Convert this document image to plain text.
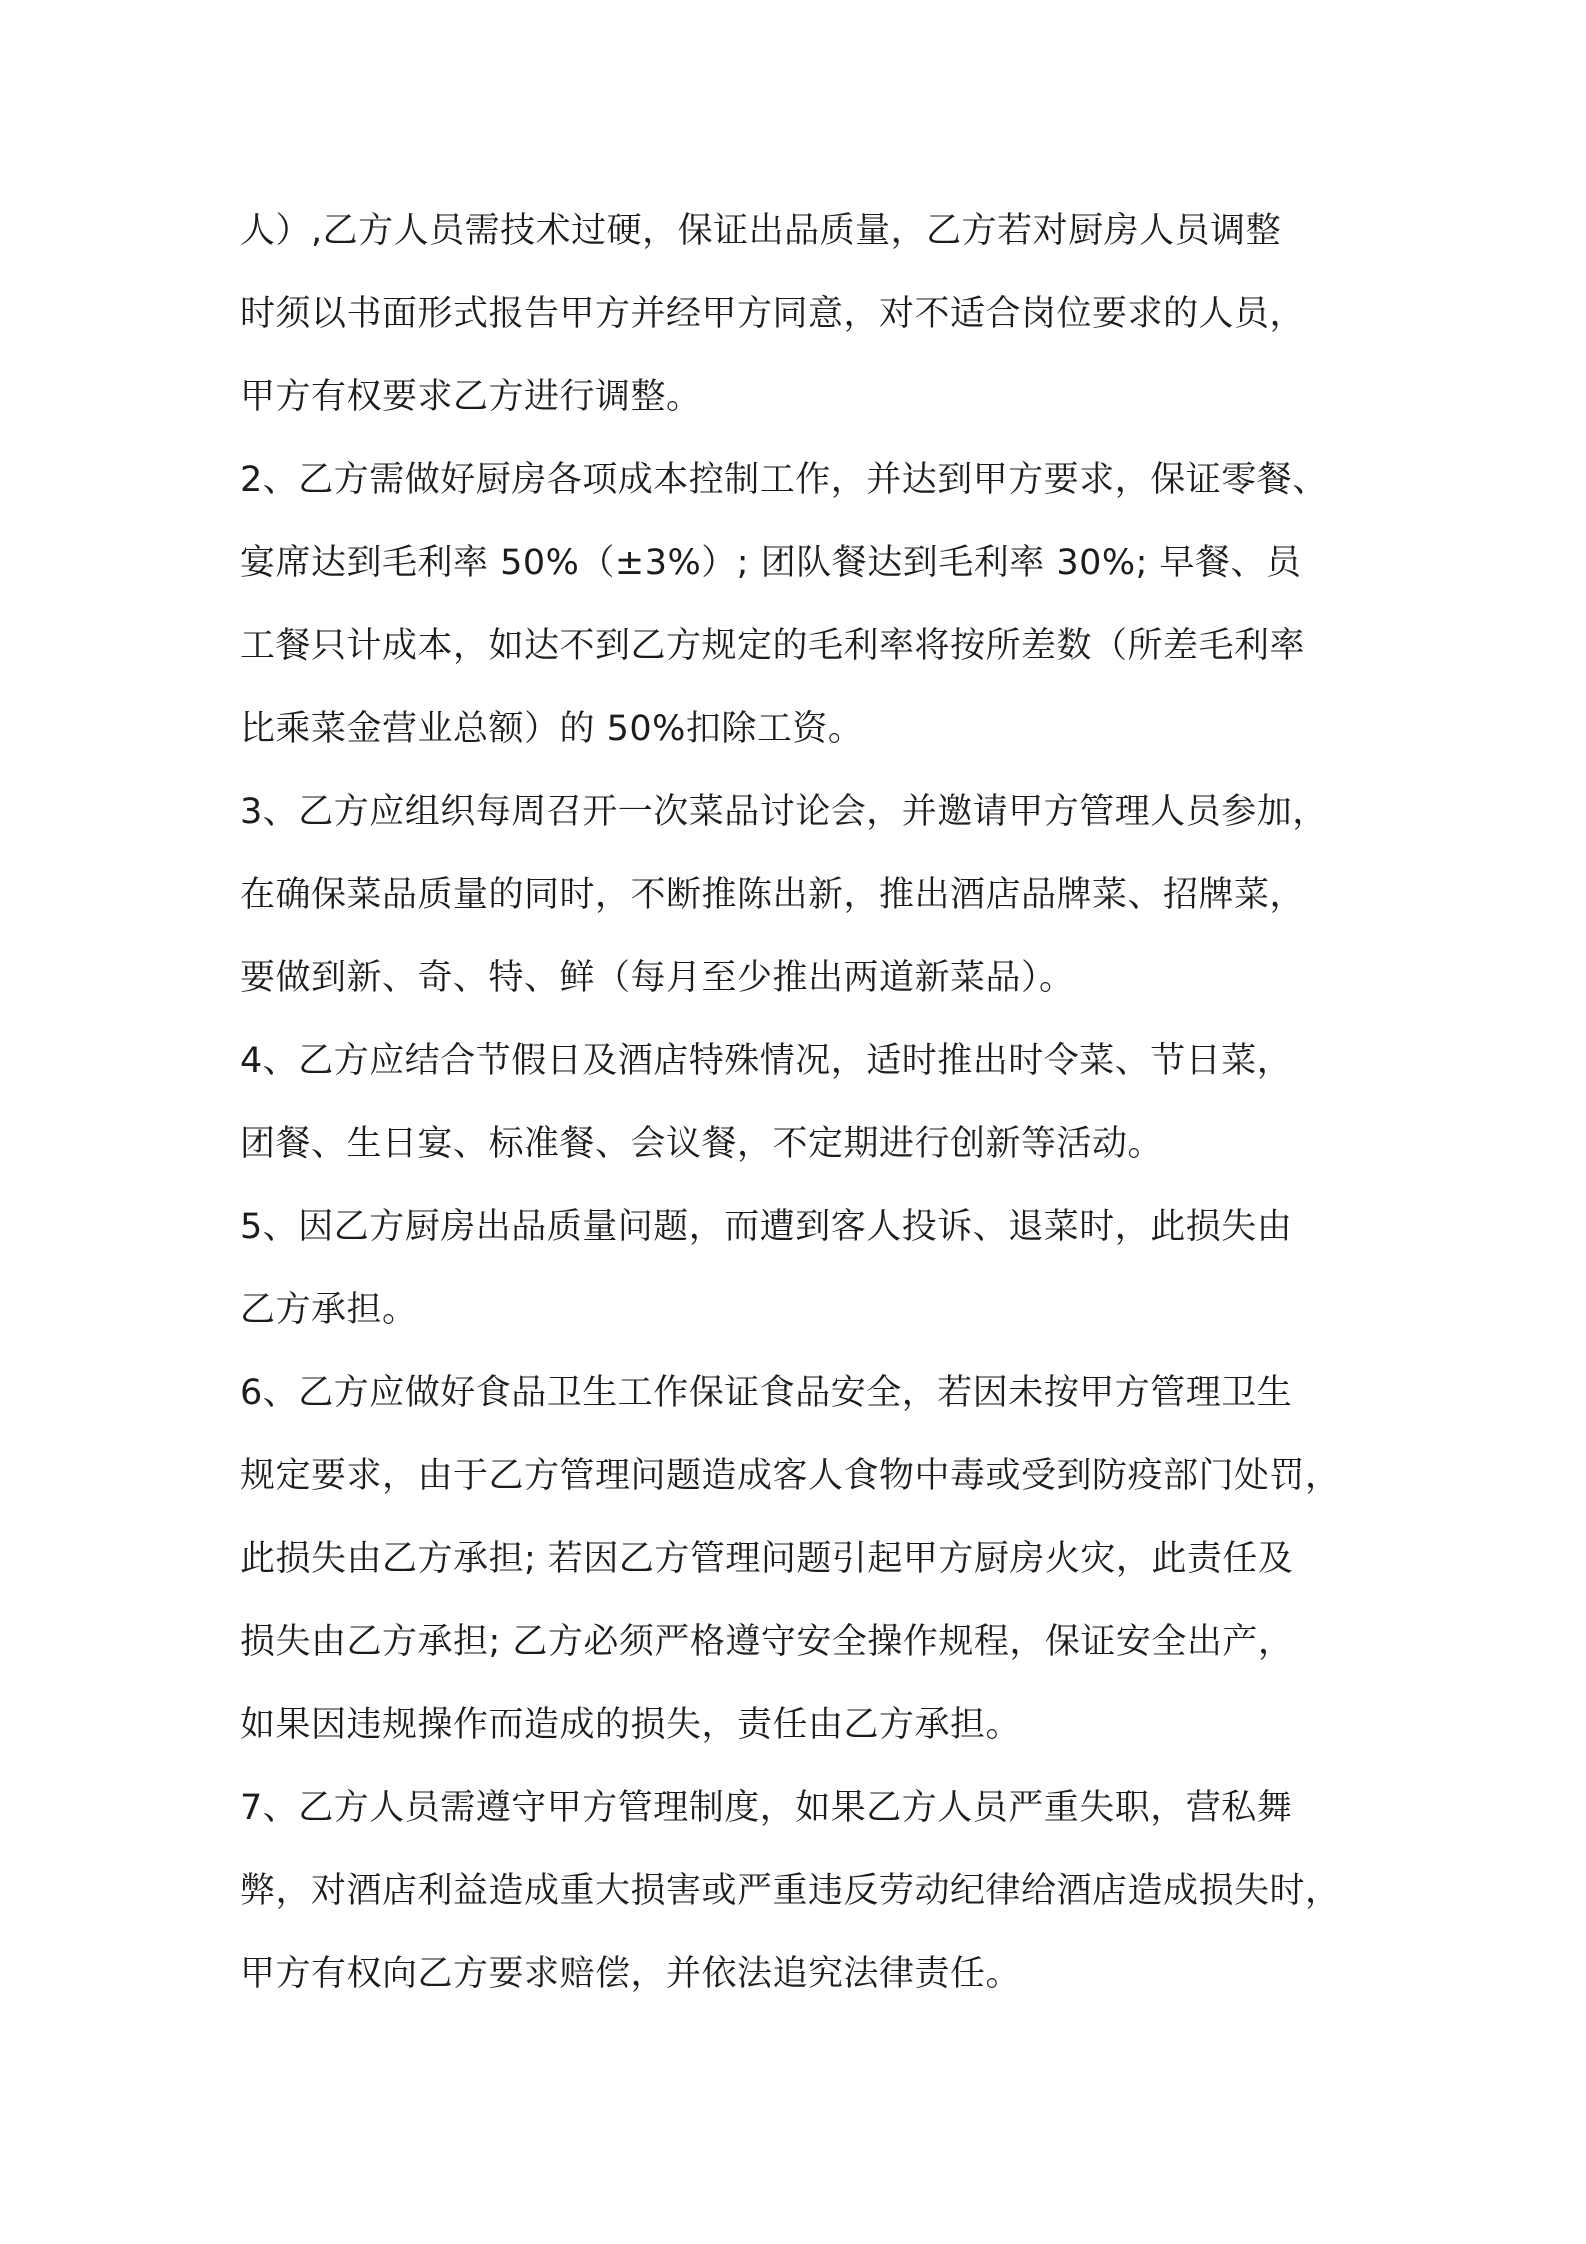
人）,乙方人员需技术过硬，保证出品质量，乙方若对厨房人员调整
时须以书面形式报告甲方并经甲方同意，对不适合岗位要求的人员，
甲方有权要求乙方进行调整。
2、乙方需做好厨房各项成本控制工作，并达到甲方要求，保证零餐、
宴席达到毛利率 50%（±3%）; 团队餐达到毛利率 30%; 早餐、员
工餐只计成本，如达不到乙方规定的毛利率将按所差数（所差毛利率
比乘菜金营业总额）的 50%扣除工资。
3、乙方应组织每周召开一次菜品讨论会，并邀请甲方管理人员参加，
在确保菜品质量的同时，不断推陈出新，推出酒店品牌菜、招牌菜，
要做到新、奇、特、鲜（每月至少推出两道新菜品）。
4、乙方应结合节假日及酒店特殊情况，适时推出时令菜、节日菜，
团餐、生日宴、标准餐、会议餐，不定期进行创新等活动。
5、因乙方厨房出品质量问题，而遭到客人投诉、退菜时，此损失由
乙方承担。
6、乙方应做好食品卫生工作保证食品安全，若因未按甲方管理卫生
规定要求，由于乙方管理问题造成客人食物中毒或受到防疫部门处罚，
此损失由乙方承担; 若因乙方管理问题引起甲方厨房火灾，此责任及
损失由乙方承担; 乙方必须严格遵守安全操作规程，保证安全出产，
如果因违规操作而造成的损失，责任由乙方承担。
7、乙方人员需遵守甲方管理制度，如果乙方人员严重失职，营私舞
弊，对酒店利益造成重大损害或严重违反劳动纪律给酒店造成损失时，
甲方有权向乙方要求赔偿，并依法追究法律责任。
